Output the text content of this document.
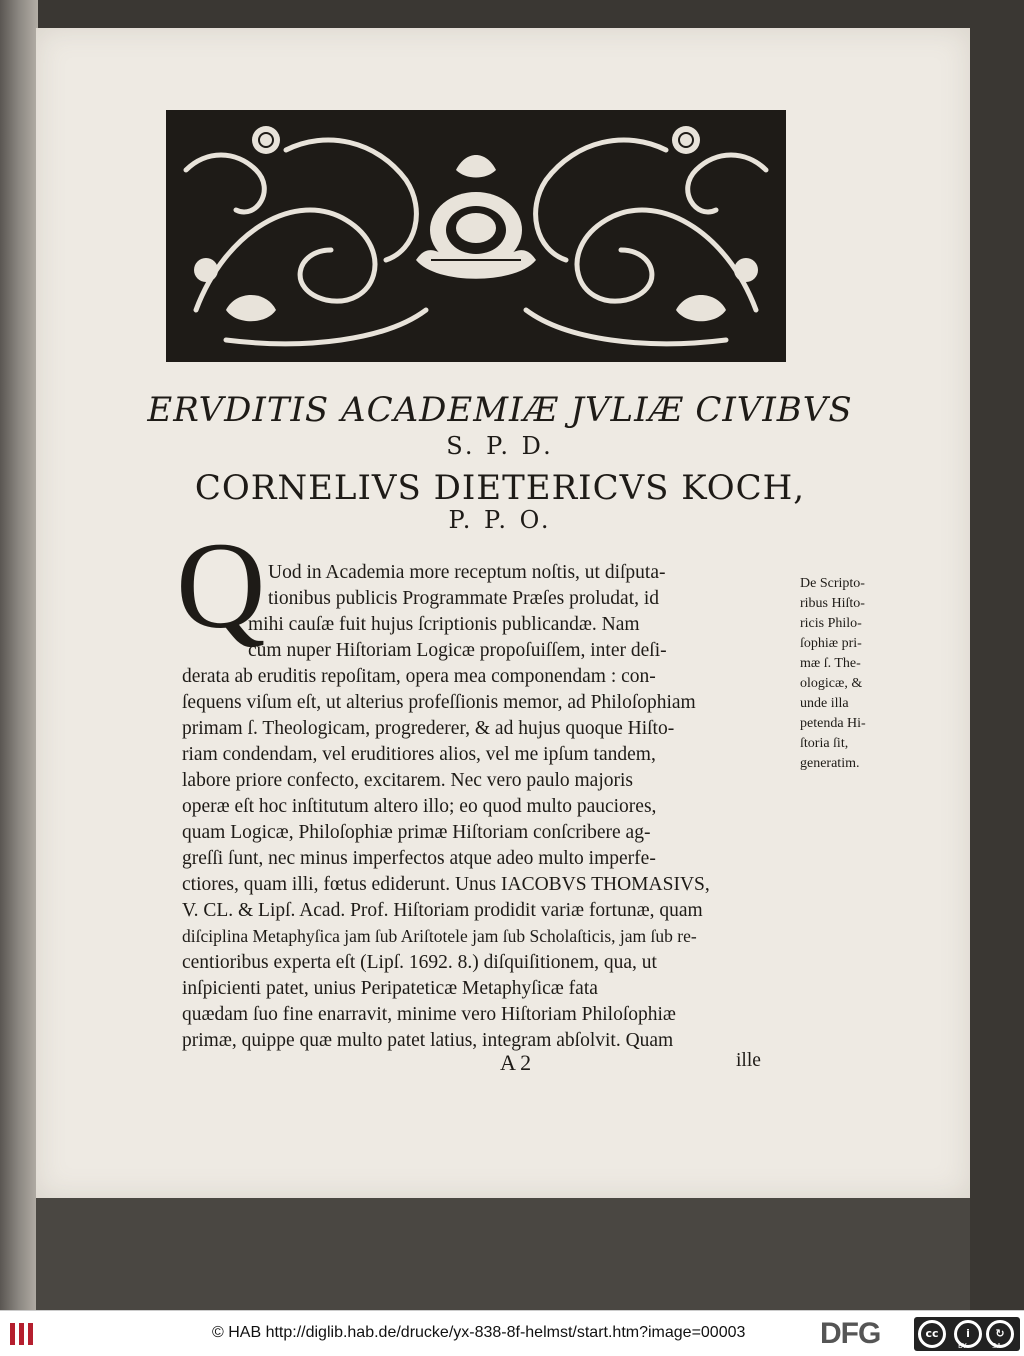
ERVDITIS ACADEMIÆ JVLIÆ CIVIBVS
S. P. D.
CORNELIVS DIETERICVS KOCH,
P. P. O.
Q Uod in Academia more receptum noſtis, ut diſputa-
tionibus publicis Programmate Præſes proludat, id
mihi cauſæ fuit hujus ſcriptionis publicandæ. Nam
cum nuper Hiſtoriam Logicæ propoſuiſſem, inter deſi-
derata ab eruditis repoſitam, opera mea componendam : con-
ſequens viſum eſt, ut alterius profeſſionis memor, ad Philoſophiam
primam ſ. Theologicam, progrederer, & ad hujus quoque Hiſto-
riam condendam, vel eruditiores alios, vel me ipſum tandem,
labore priore confecto, excitarem. Nec vero paulo majoris
operæ eſt hoc inſtitutum altero illo; eo quod multo pauciores,
quam Logicæ, Philoſophiæ primæ Hiſtoriam conſcribere ag-
greſſi ſunt, nec minus imperfectos atque adeo multo imperfe-
ctiores, quam illi, fœtus ediderunt. Unus IACOBVS THOMASIVS,
V. CL. & Lipſ. Acad. Prof. Hiſtoriam prodidit variæ fortunæ, quam
diſciplina Metaphyſica jam ſub Ariſtotele jam ſub Scholaſticis, jam ſub re-
centioribus experta eſt (Lipſ. 1692. 8.) diſquiſitionem, qua, ut
inſpicienti patet, unius Peripateticæ Metaphyſicæ fata
quædam ſuo fine enarravit, minime vero Hiſtoriam Philoſophiæ
primæ, quippe quæ multo patet latius, integram abſolvit. Quam
De Scripto-
ribus Hiſto-
ricis Philo-
ſophiæ pri-
mæ ſ. The-
ologicæ, &
unde illa
petenda Hi-
ſtoria ſit,
generatim.
A 2	ille
© HAB http://diglib.hab.de/drucke/yx-838-8f-helmst/start.htm?image=00003 DFG	cc	i	↻
BY	SA
